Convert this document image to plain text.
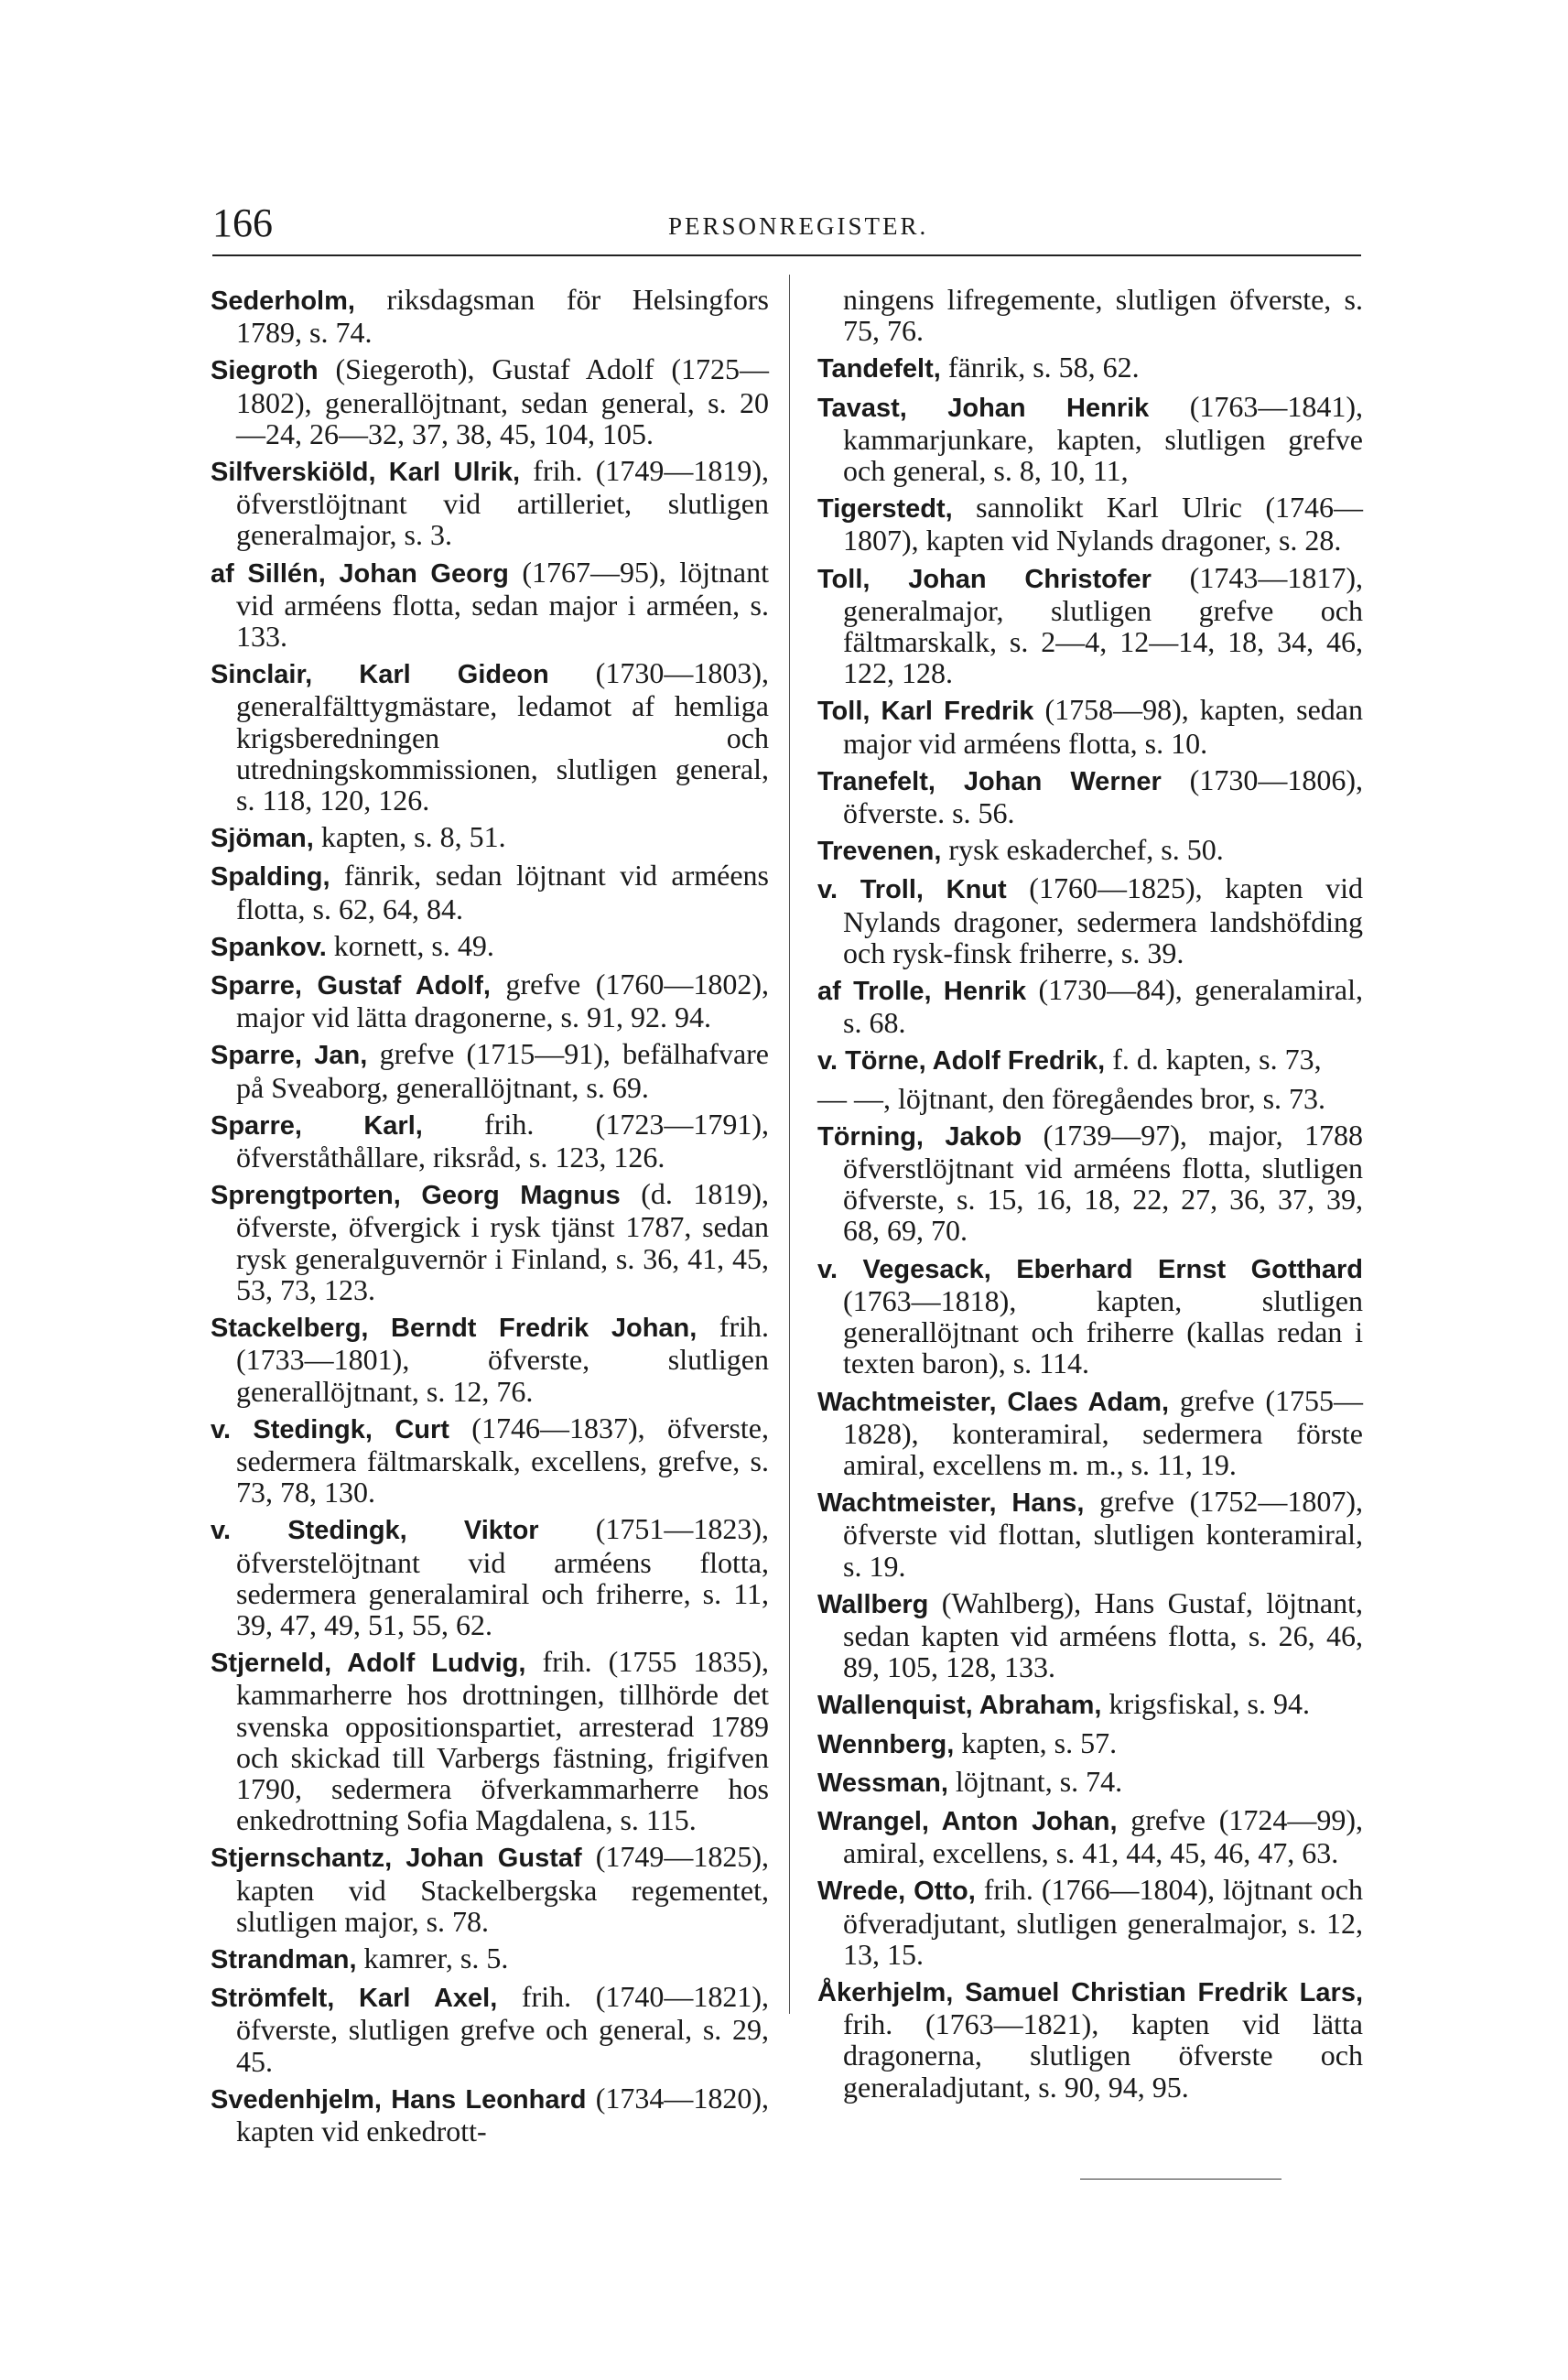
166	PERSONREGISTER.

Sederholm, riksdagsman för Helsingfors 1789, s. 74.

Siegroth (Siegeroth), Gustaf Adolf (1725—1802), generallöjtnant, sedan general, s. 20—24, 26—32, 37, 38, 45, 104, 105.

Silfverskiöld, Karl Ulrik, frih. (1749—1819), öfverstlöjtnant vid artilleriet, slutligen generalmajor, s. 3.

af Sillén, Johan Georg (1767—95), löjtnant vid arméens flotta, sedan major i arméen, s. 133.

Sinclair, Karl Gideon (1730—1803), generalfälttygmästare, ledamot af hemliga krigsberedningen och utredningskommissionen, slutligen general, s. 118, 120, 126.

Sjöman, kapten, s. 8, 51.

Spalding, fänrik, sedan löjtnant vid arméens flotta, s. 62, 64, 84.

Spankov. kornett, s. 49.

Sparre, Gustaf Adolf, grefve (1760—1802), major vid lätta dragonerne, s. 91, 92. 94.

Sparre, Jan, grefve (1715—91), befälhafvare på Sveaborg, generallöjtnant, s. 69.

Sparre, Karl, frih. (1723—1791), öfverståthållare, riksråd, s. 123, 126.

Sprengtporten, Georg Magnus (d. 1819), öfverste, öfvergick i rysk tjänst 1787, sedan rysk generalguvernör i Finland, s. 36, 41, 45, 53, 73, 123.

Stackelberg, Berndt Fredrik Johan, frih. (1733—1801), öfverste, slutligen generallöjtnant, s. 12, 76.

v. Stedingk, Curt (1746—1837), öfverste, sedermera fältmarskalk, excellens, grefve, s. 73, 78, 130.

v. Stedingk, Viktor (1751—1823), öfverstelöjtnant vid arméens flotta, sedermera generalamiral och friherre, s. 11, 39, 47, 49, 51, 55, 62.

Stjerneld, Adolf Ludvig, frih. (1755 1835), kammarherre hos drottningen, tillhörde det svenska oppositionspartiet, arresterad 1789 och skickad till Varbergs fästning, frigifven 1790, sedermera öfverkammarherre hos enkedrottning Sofia Magdalena, s. 115.

Stjernschantz, Johan Gustaf (1749—1825), kapten vid Stackelbergska regementet, slutligen major, s. 78.

Strandman, kamrer, s. 5.

Strömfelt, Karl Axel, frih. (1740—1821), öfverste, slutligen grefve och general, s. 29, 45.

Svedenhjelm, Hans Leonhard (1734—1820), kapten vid enkedrott-

ningens lifregemente, slutligen öfverste, s. 75, 76.

Tandefelt, fänrik, s. 58, 62.

Tavast, Johan Henrik (1763—1841), kammarjunkare, kapten, slutligen grefve och general, s. 8, 10, 11,

Tigerstedt, sannolikt Karl Ulric (1746—1807), kapten vid Nylands dragoner, s. 28.

Toll, Johan Christofer (1743—1817), generalmajor, slutligen grefve och fältmarskalk, s. 2—4, 12—14, 18, 34, 46, 122, 128.

Toll, Karl Fredrik (1758—98), kapten, sedan major vid arméens flotta, s. 10.

Tranefelt, Johan Werner (1730—1806), öfverste. s. 56.

Trevenen, rysk eskaderchef, s. 50.

v. Troll, Knut (1760—1825), kapten vid Nylands dragoner, sedermera landshöfding och rysk-finsk friherre, s. 39.

af Trolle, Henrik (1730—84), generalamiral, s. 68.

v. Törne, Adolf Fredrik, f. d. kapten, s. 73,

— —, löjtnant, den föregåendes bror, s. 73.

Törning, Jakob (1739—97), major, 1788 öfverstlöjtnant vid arméens flotta, slutligen öfverste, s. 15, 16, 18, 22, 27, 36, 37, 39, 68, 69, 70.

v. Vegesack, Eberhard Ernst Gotthard (1763—1818), kapten, slutligen generallöjtnant och friherre (kallas redan i texten baron), s. 114.

Wachtmeister, Claes Adam, grefve (1755—1828), konteramiral, sedermera förste amiral, excellens m. m., s. 11, 19.

Wachtmeister, Hans, grefve (1752—1807), öfverste vid flottan, slutligen konteramiral, s. 19.

Wallberg (Wahlberg), Hans Gustaf, löjtnant, sedan kapten vid arméens flotta, s. 26, 46, 89, 105, 128, 133.

Wallenquist, Abraham, krigsfiskal, s. 94.

Wennberg, kapten, s. 57.

Wessman, löjtnant, s. 74.

Wrangel, Anton Johan, grefve (1724—99), amiral, excellens, s. 41, 44, 45, 46, 47, 63.

Wrede, Otto, frih. (1766—1804), löjtnant och öfveradjutant, slutligen generalmajor, s. 12, 13, 15.

Åkerhjelm, Samuel Christian Fredrik Lars, frih. (1763—1821), kapten vid lätta dragonerna, slutligen öfverste och generaladjutant, s. 90, 94, 95.
